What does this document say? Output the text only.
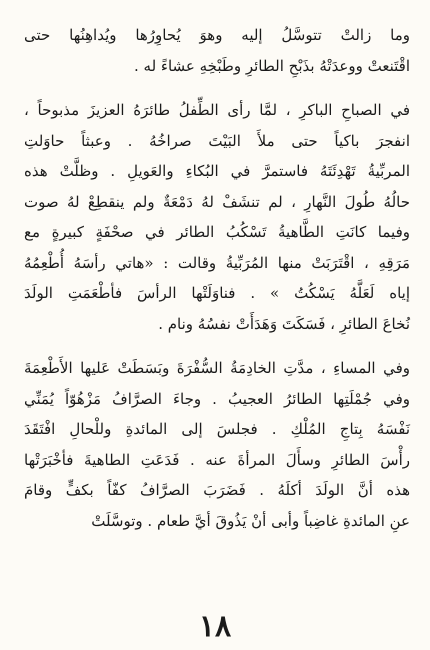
وما زالتْ تتوسَّلُ إليه وهوَ يُحاوِرُها ويُداهِنُها حتى
اقْتَنعتْ ووعدَتْهُ بذَبْحِ الطائرِ وطَبْخِهِ عشاءً له .

في الصباحِ الباكرِ ، لمَّا رأى الطِّفلُ طائرَهُ العزيزَ مذبوحاً ،
انفجرَ باكياً حتى ملأَ البَيْتَ صراخُهُ . وعبثاً حاوَلتِ
المربِّيةُ تَهْدِئَتَهُ فاستمرَّ في البُكاءِ والعَويلِ . وظلَّتْ هذه
حالُهُ طُولَ النَّهارِ ، لم تنشَفْ لهُ دَمْعَةٌ ولم ينقطِعْ لهُ صوت
وفيما كانَتِ الطَّاهيةُ تَسْكُبُ الطائر في صحْفَةٍ كبيرةٍ مع
مَرَقِهِ ، اقْتَرَبَتْ منها المُرَبِّيةُ وقالت : «هاتي رأسَهُ أُطْعِمُهُ
إياه لَعَلَّهُ يَسْكُتُ » . فناوَلَتْها الرأسَ فأطْعَمَتِ الولَدَ
نُخاعَ الطائرِ ، فَسَكَتَ وَهَدَأَتْ نفسُهُ ونام .

وفي المساءِ ، مدَّتِ الخادِمَةُ السُّفْرَةَ وبَسَطَتْ عَليها الأَطْعِمَةَ
وفي جُمْلَتِها الطائرُ العجيبُ . وجاءَ الصرَّافُ مَزْهُوّاً يُمَنِّي
نَفْسَهُ بِتاجِ المُلْكِ . فجلسَ إلى المائدةِ وللْحالِ افْتَقَدَ
رأْسَ الطائرِ وسأَلَ المرأةَ عنه . فَدَعَتِ الطاهيةَ فأخْبَرَتْها
هذه أنَّ الولَدَ أكلَهُ . فَضَرَبَ الصرَّافُ كفّاً بكفٍّ وقامَ
عنِ المائدةِ غاضِباً وأبى أنْ يَذُوقَ أيَّ طعام . وتوسَّلَتْ

١٨
